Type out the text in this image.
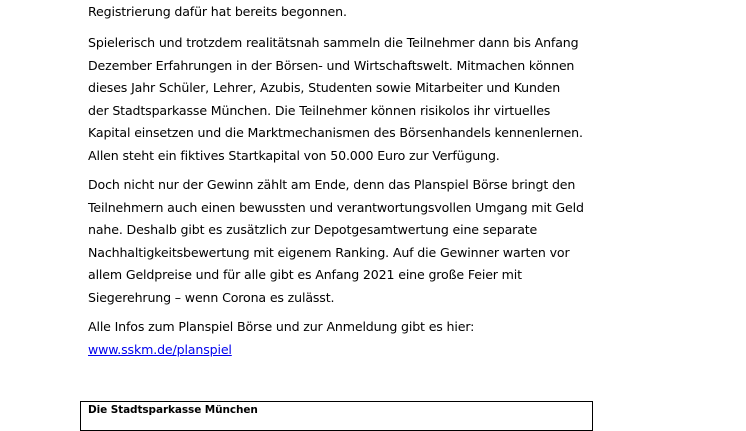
Registrierung dafür hat bereits begonnen.

Spielerisch und trotzdem realitätsnah sammeln die Teilnehmer dann bis Anfang
Dezember Erfahrungen in der Börsen- und Wirtschaftswelt. Mitmachen können
dieses Jahr Schüler, Lehrer, Azubis, Studenten sowie Mitarbeiter und Kunden
der Stadtsparkasse München. Die Teilnehmer können risikolos ihr virtuelles
Kapital einsetzen und die Marktmechanismen des Börsenhandels kennenlernen.
Allen steht ein fiktives Startkapital von 50.000 Euro zur Verfügung.

Doch nicht nur der Gewinn zählt am Ende, denn das Planspiel Börse bringt den
Teilnehmern auch einen bewussten und verantwortungsvollen Umgang mit Geld
nahe. Deshalb gibt es zusätzlich zur Depotgesamtwertung eine separate
Nachhaltigkeitsbewertung mit eigenem Ranking. Auf die Gewinner warten vor
allem Geldpreise und für alle gibt es Anfang 2021 eine große Feier mit
Siegerehrung – wenn Corona es zulässt.

Alle Infos zum Planspiel Börse und zur Anmeldung gibt es hier:
www.sskm.de/planspiel

Die Stadtsparkasse München
